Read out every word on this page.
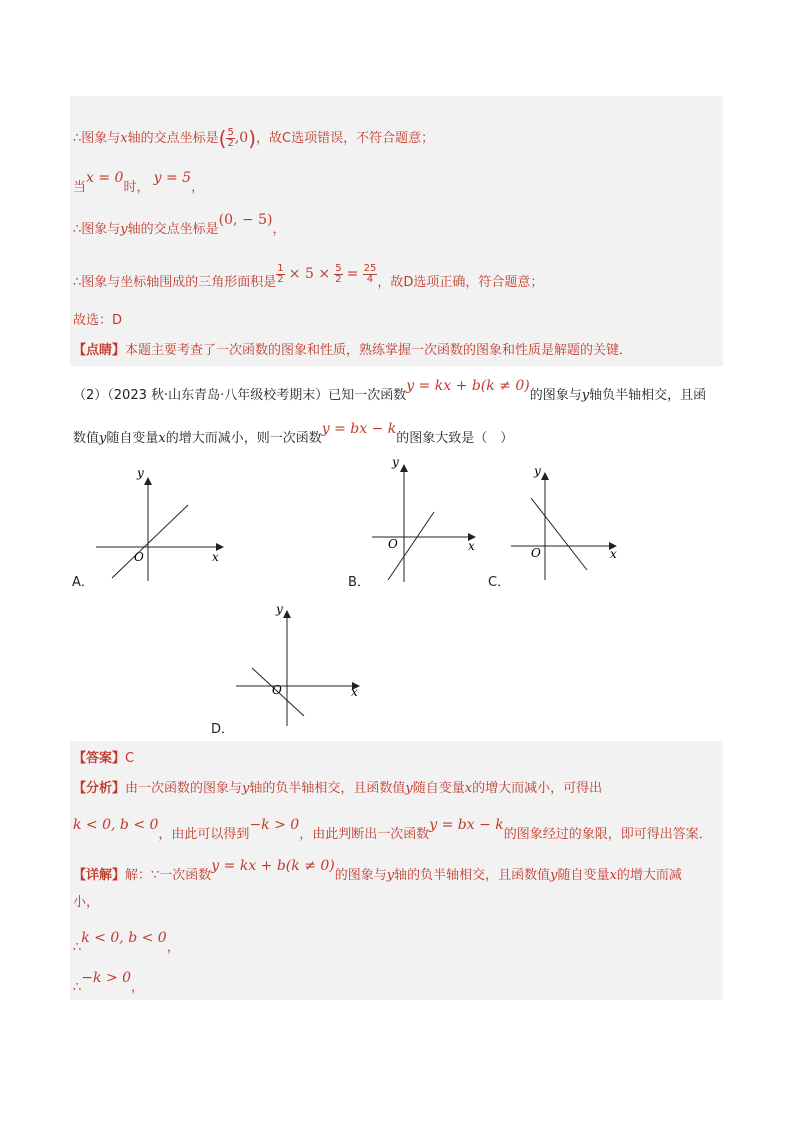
∴图象与x轴的交点坐标是( $\frac{5}{2} ,0$)，故C选项错误，不符合题意；
当x = 0时， y = 5，
∴图象与y轴的交点坐标是(0, − 5)，
∴图象与坐标轴围成的三角形面积是 $\frac{1}{2} \times 5 \times \frac{5}{2} = \frac{25}{4}$ ，故D选项正确，符合题意；
故选：D
【点睛】本题主要考查了一次函数的图象和性质，熟练掌握一次函数的图象和性质是解题的关键．
（2）（2023 秋·山东青岛·八年级校考期末）已知一次函数y = kx + b(k ≠ 0)的图象与y轴负半轴相交，且函
数值y随自变量x的增大而减小，则一次函数y = bx − k的图象大致是（　）
x
y
O
A．
x
y
O
B．
x
y
O
C．
x
y
O
D．
【答案】C
【分析】由一次函数的图象与y轴的负半轴相交，且函数值y随自变量x的增大而减小，可得出
k < 0, b < 0，由此可以得到−k > 0，由此判断出一次函数y = bx − k的图象经过的象限，即可得出答案．
【详解】解：∵一次函数y = kx + b(k ≠ 0)的图象与y轴的负半轴相交，且函数值y随自变量x的增大而减
小，
∴k < 0, b < 0，
∴−k > 0，
